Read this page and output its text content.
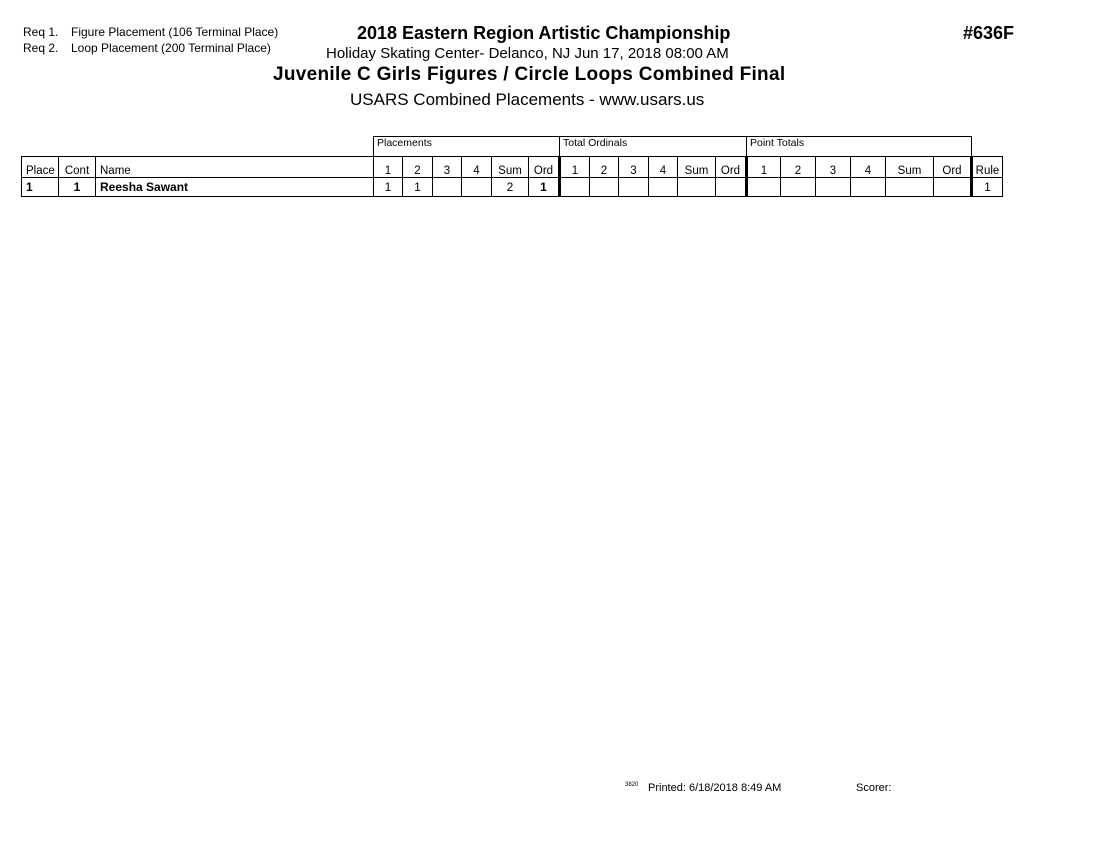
Req 1. Figure Placement (106 Terminal Place)
Req 2. Loop Placement (200 Terminal Place)
2018 Eastern Region Artistic Championship
Holiday Skating Center- Delanco, NJ Jun 17, 2018 08:00 AM
Juvenile C Girls Figures / Circle Loops Combined Final
USARS Combined Placements - www.usars.us
#636F
			Placements						Total Ordinals						Point Totals						
Place	Cont	Name	1	2	3	4	Sum	Ord	1	2	3	4	Sum	Ord	1	2	3	4	Sum	Ord	Rule
1	1	Reesha Sawant	1	1			2	1													1
3820 Printed: 6/18/2018 8:49 AM	Scorer:
